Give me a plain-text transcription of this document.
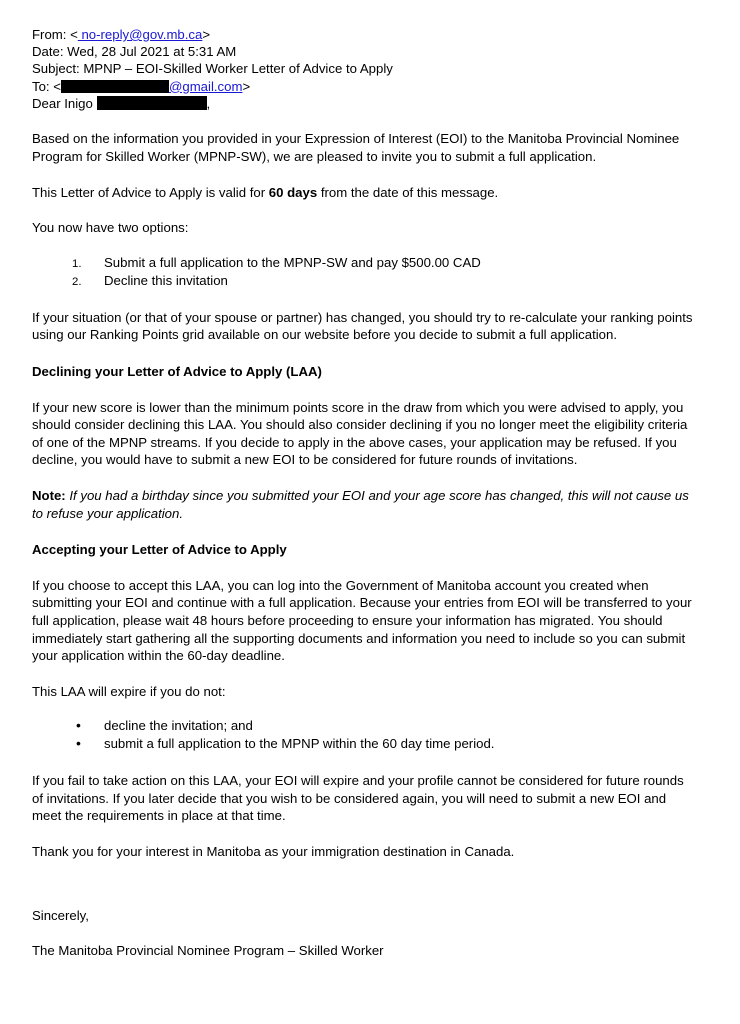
From: < no-reply@gov.mb.ca>
Date: Wed, 28 Jul 2021 at 5:31 AM
Subject: MPNP – EOI-Skilled Worker Letter of Advice to Apply
To: <	@gmail.com>

Dear Inigo	,

Based on the information you provided in your Expression of Interest (EOI) to the Manitoba Provincial Nominee Program for Skilled Worker (MPNP-SW), we are pleased to invite you to submit a full application.

This Letter of Advice to Apply is valid for 60 days from the date of this message.

You now have two options:

1. Submit a full application to the MPNP-SW and pay $500.00 CAD
2. Decline this invitation

If your situation (or that of your spouse or partner) has changed, you should try to re-calculate your ranking points using our Ranking Points grid available on our website before you decide to submit a full application.

Declining your Letter of Advice to Apply (LAA)

If your new score is lower than the minimum points score in the draw from which you were advised to apply, you should consider declining this LAA. You should also consider declining if you no longer meet the eligibility criteria of one of the MPNP streams. If you decide to apply in the above cases, your application may be refused. If you decline, you would have to submit a new EOI to be considered for future rounds of invitations.

Note: If you had a birthday since you submitted your EOI and your age score has changed, this will not cause us to refuse your application.

Accepting your Letter of Advice to Apply

If you choose to accept this LAA, you can log into the Government of Manitoba account you created when submitting your EOI and continue with a full application. Because your entries from EOI will be transferred to your full application, please wait 48 hours before proceeding to ensure your information has migrated. You should immediately start gathering all the supporting documents and information you need to include so you can submit your application within the 60-day deadline.

This LAA will expire if you do not:

• decline the invitation; and
• submit a full application to the MPNP within the 60 day time period.

If you fail to take action on this LAA, your EOI will expire and your profile cannot be considered for future rounds of invitations. If you later decide that you wish to be considered again, you will need to submit a new EOI and meet the requirements in place at that time.

Thank you for your interest in Manitoba as your immigration destination in Canada.

Sincerely,

The Manitoba Provincial Nominee Program – Skilled Worker
